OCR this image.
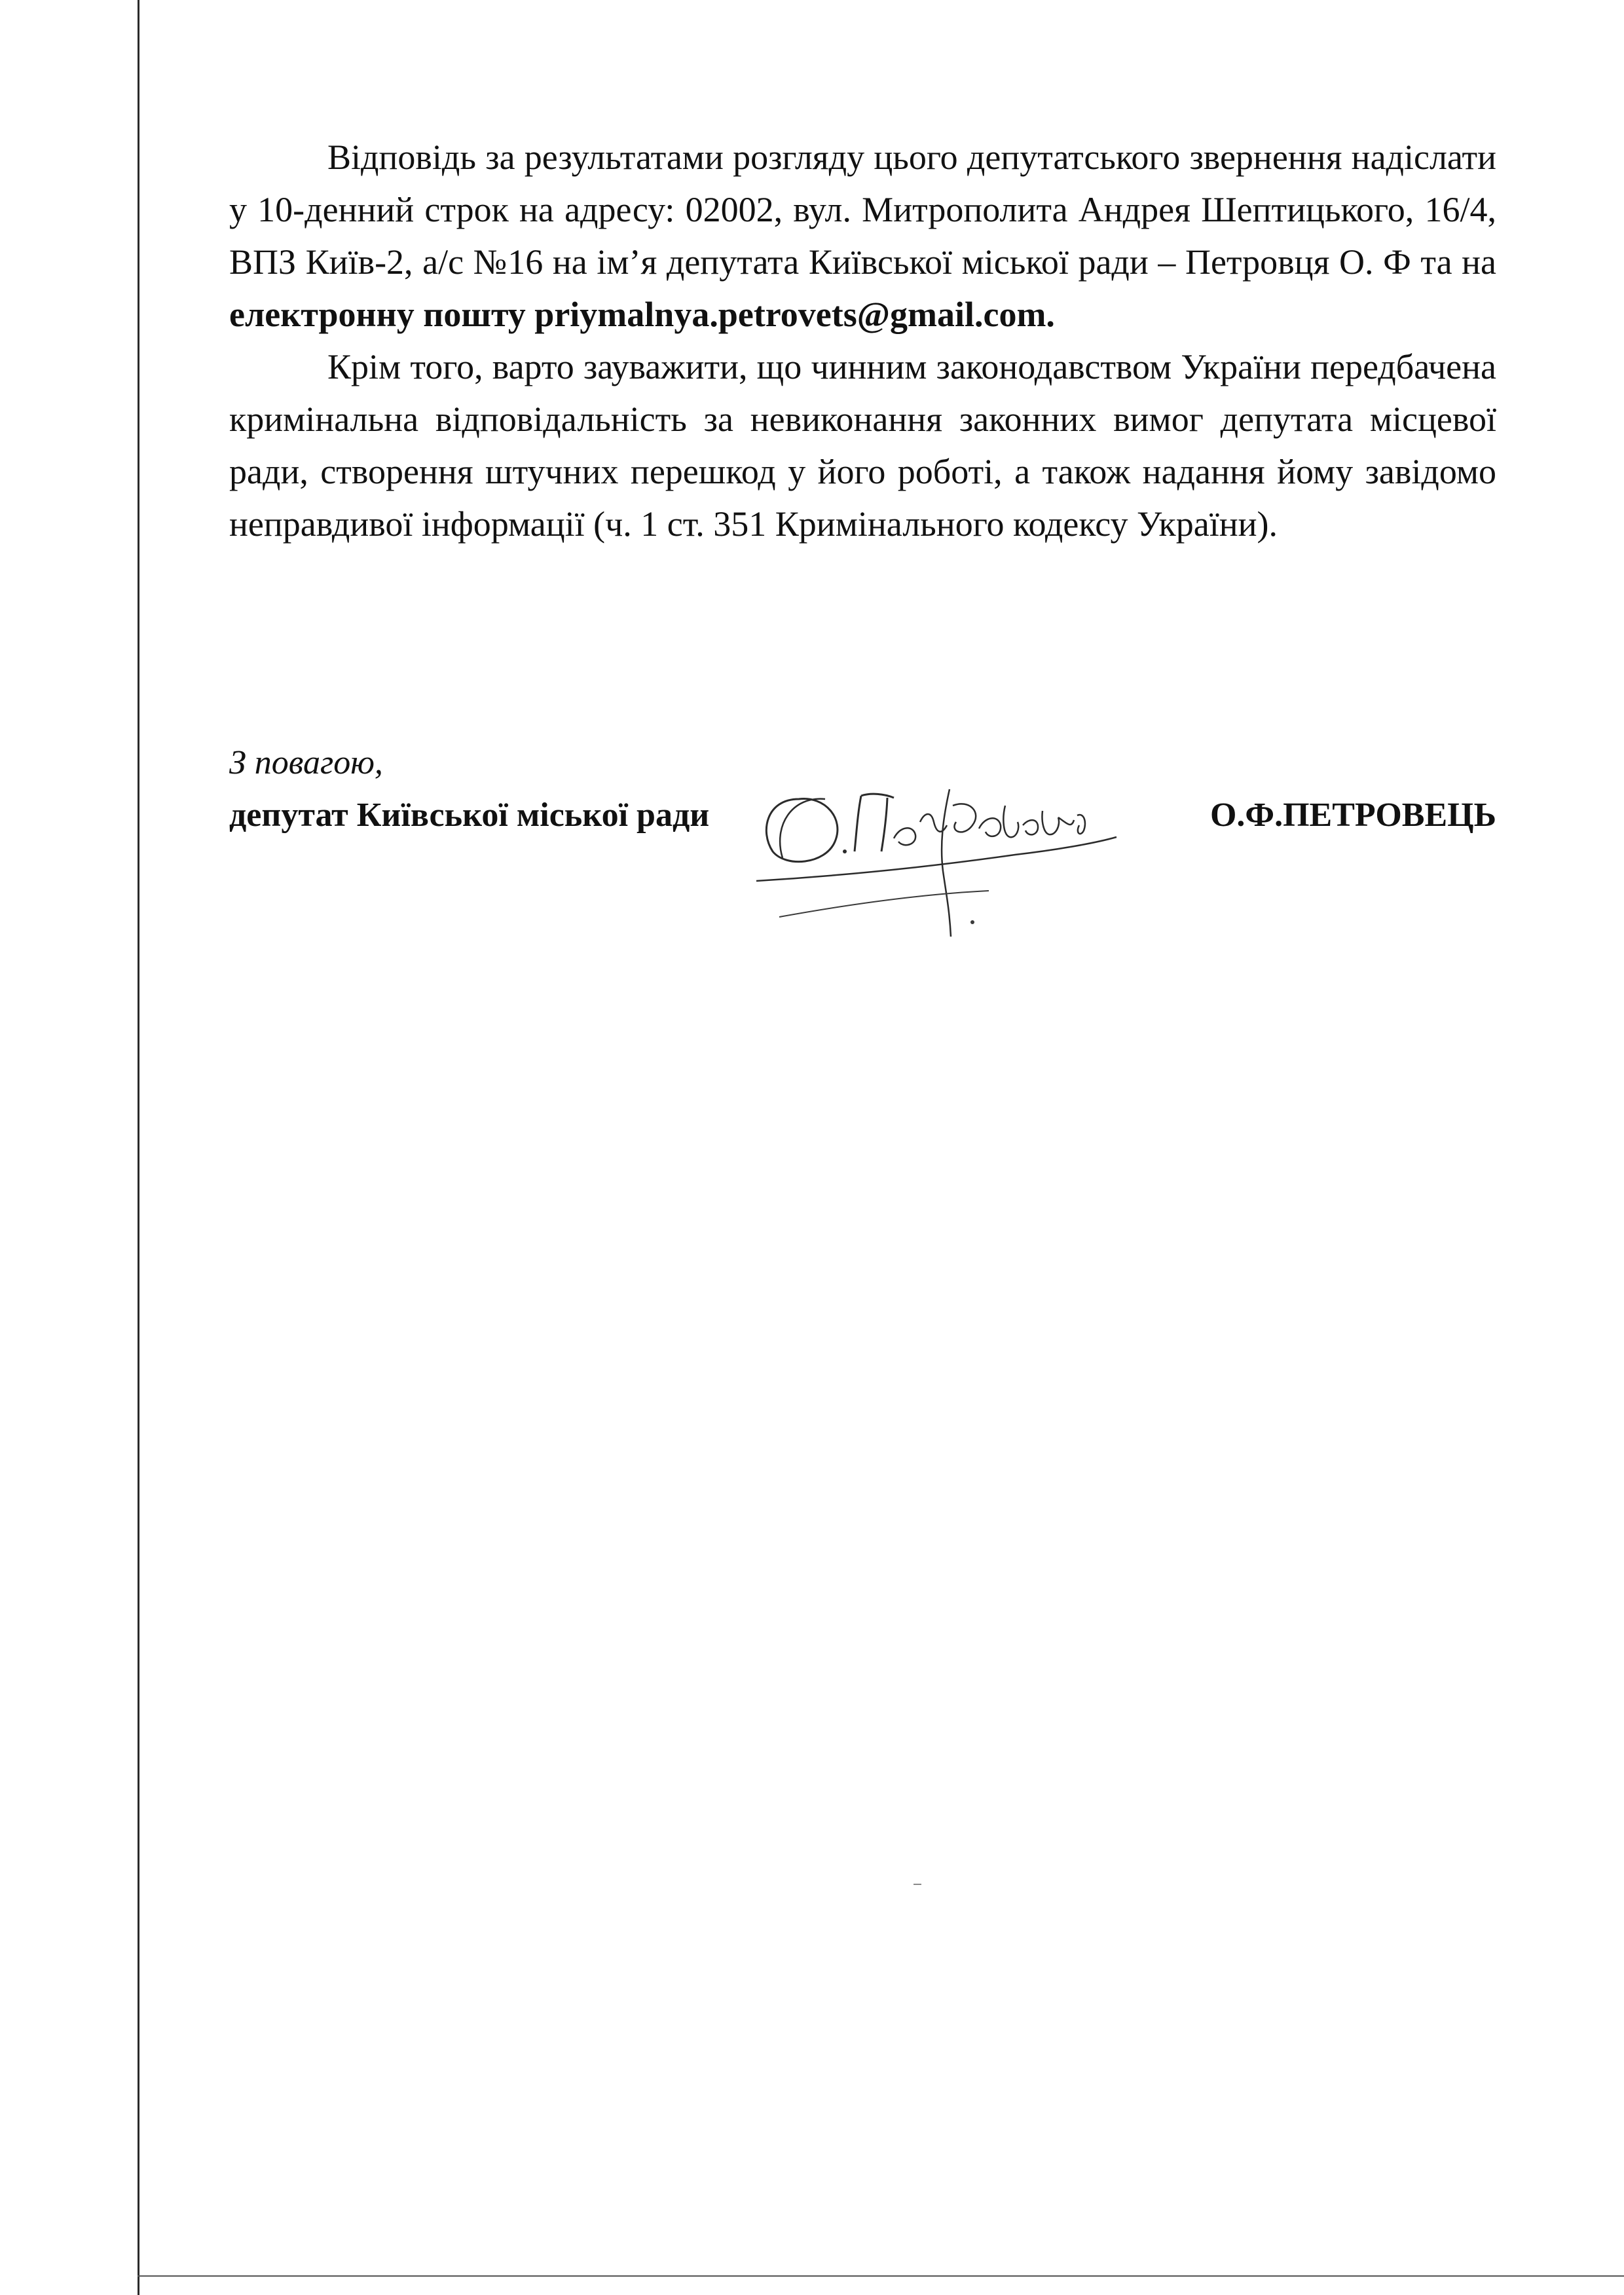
Відповідь за результатами розгляду цього депутатського звернення надіслати у 10-денний строк на адресу: 02002, вул. Митрополита Андрея Шептицького, 16/4, ВПЗ Київ-2, а/с №16 на ім’я депутата Київської міської ради – Петровця О. Ф та на електронну пошту priymalnya.petrovets@gmail.com.

Крім того, варто зауважити, що чинним законодавством України передбачена кримінальна відповідальність за невиконання законних вимог депутата місцевої ради, створення штучних перешкод у його роботі, а також надання йому завідомо неправдивої інформації (ч. 1 ст. 351 Кримінального кодексу України).

З повагою,
депутат Київської міської ради	О.Ф.ПЕТРОВЕЦЬ
